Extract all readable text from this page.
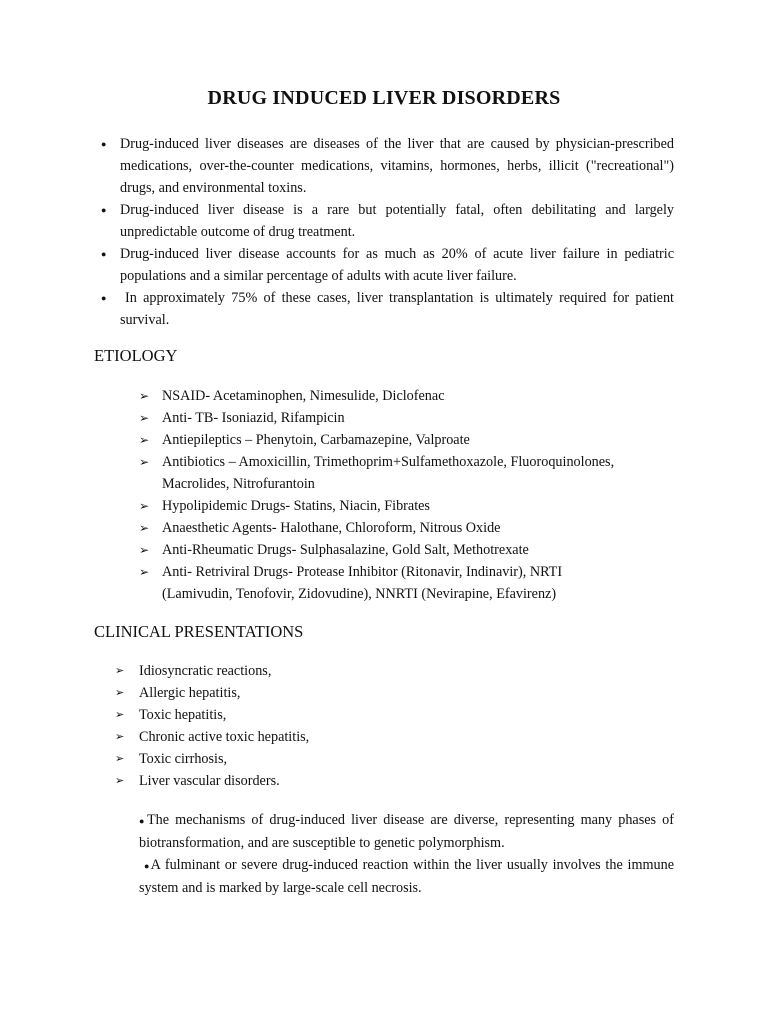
DRUG INDUCED LIVER DISORDERS
● Drug-induced liver diseases are diseases of the liver that are caused by physician-prescribed medications, over-the-counter medications, vitamins, hormones, herbs, illicit ("recreational") drugs, and environmental toxins.
● Drug-induced liver disease is a rare but potentially fatal, often debilitating and largely unpredictable outcome of drug treatment.
● Drug-induced liver disease accounts for as much as 20% of acute liver failure in pediatric populations and a similar percentage of adults with acute liver failure.
● In approximately 75% of these cases, liver transplantation is ultimately required for patient survival.
ETIOLOGY
➢ NSAID- Acetaminophen, Nimesulide, Diclofenac
➢ Anti- TB- Isoniazid, Rifampicin
➢ Antiepileptics – Phenytoin, Carbamazepine, Valproate
➢ Antibiotics – Amoxicillin, Trimethoprim+Sulfamethoxazole, Fluoroquinolones, Macrolides, Nitrofurantoin
➢ Hypolipidemic Drugs- Statins, Niacin, Fibrates
➢ Anaesthetic Agents- Halothane, Chloroform, Nitrous Oxide
➢ Anti-Rheumatic Drugs- Sulphasalazine, Gold Salt, Methotrexate
➢ Anti- Retriviral Drugs- Protease Inhibitor (Ritonavir, Indinavir), NRTI (Lamivudin, Tenofovir, Zidovudine), NNRTI (Nevirapine, Efavirenz)
CLINICAL PRESENTATIONS
➢ Idiosyncratic reactions,
➢ Allergic hepatitis,
➢ Toxic hepatitis,
➢ Chronic active toxic hepatitis,
➢ Toxic cirrhosis,
➢ Liver vascular disorders.
●The mechanisms of drug-induced liver disease are diverse, representing many phases of biotransformation, and are susceptible to genetic polymorphism.
●A fulminant or severe drug-induced reaction within the liver usually involves the immune system and is marked by large-scale cell necrosis.
